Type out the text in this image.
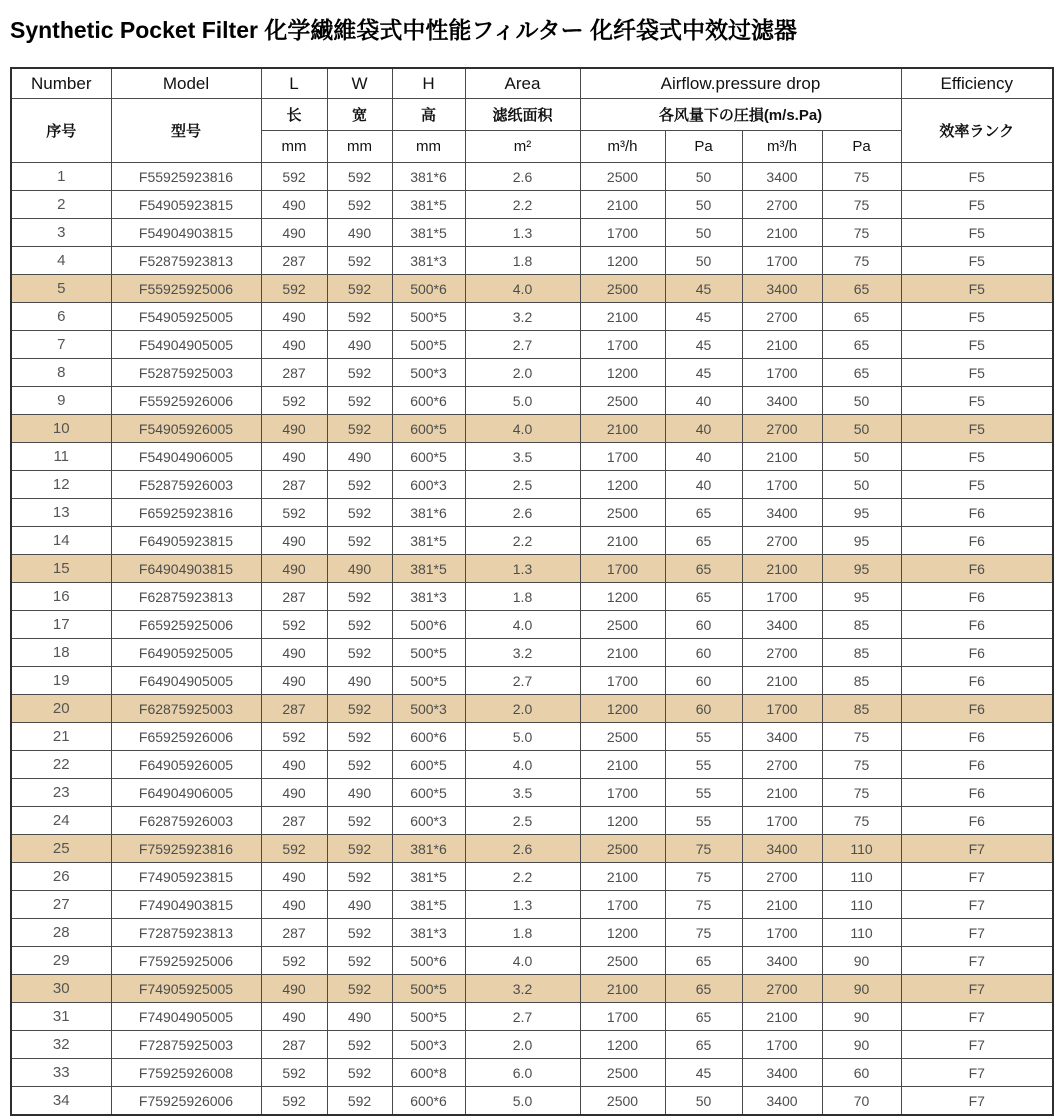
Synthetic Pocket Filter 化学繊維袋式中性能フィルター 化纤袋式中效过滤器
Number	Model	L	W	H	Area	Airflow.pressure drop				Efficiency
序号	型号	长	宽	高	滤纸面积	各风量下の圧損(m/s.Pa)				效率ランク
		mm	mm	mm	m²	m³/h	Pa	m³/h	Pa	
1	F55925923816	592	592	381*6	2.6	2500	50	3400	75	F5
2	F54905923815	490	592	381*5	2.2	2100	50	2700	75	F5
3	F54904903815	490	490	381*5	1.3	1700	50	2100	75	F5
4	F52875923813	287	592	381*3	1.8	1200	50	1700	75	F5
5	F55925925006	592	592	500*6	4.0	2500	45	3400	65	F5
6	F54905925005	490	592	500*5	3.2	2100	45	2700	65	F5
7	F54904905005	490	490	500*5	2.7	1700	45	2100	65	F5
8	F52875925003	287	592	500*3	2.0	1200	45	1700	65	F5
9	F55925926006	592	592	600*6	5.0	2500	40	3400	50	F5
10	F54905926005	490	592	600*5	4.0	2100	40	2700	50	F5
11	F54904906005	490	490	600*5	3.5	1700	40	2100	50	F5
12	F52875926003	287	592	600*3	2.5	1200	40	1700	50	F5
13	F65925923816	592	592	381*6	2.6	2500	65	3400	95	F6
14	F64905923815	490	592	381*5	2.2	2100	65	2700	95	F6
15	F64904903815	490	490	381*5	1.3	1700	65	2100	95	F6
16	F62875923813	287	592	381*3	1.8	1200	65	1700	95	F6
17	F65925925006	592	592	500*6	4.0	2500	60	3400	85	F6
18	F64905925005	490	592	500*5	3.2	2100	60	2700	85	F6
19	F64904905005	490	490	500*5	2.7	1700	60	2100	85	F6
20	F62875925003	287	592	500*3	2.0	1200	60	1700	85	F6
21	F65925926006	592	592	600*6	5.0	2500	55	3400	75	F6
22	F64905926005	490	592	600*5	4.0	2100	55	2700	75	F6
23	F64904906005	490	490	600*5	3.5	1700	55	2100	75	F6
24	F62875926003	287	592	600*3	2.5	1200	55	1700	75	F6
25	F75925923816	592	592	381*6	2.6	2500	75	3400	110	F7
26	F74905923815	490	592	381*5	2.2	2100	75	2700	110	F7
27	F74904903815	490	490	381*5	1.3	1700	75	2100	110	F7
28	F72875923813	287	592	381*3	1.8	1200	75	1700	110	F7
29	F75925925006	592	592	500*6	4.0	2500	65	3400	90	F7
30	F74905925005	490	592	500*5	3.2	2100	65	2700	90	F7
31	F74904905005	490	490	500*5	2.7	1700	65	2100	90	F7
32	F72875925003	287	592	500*3	2.0	1200	65	1700	90	F7
33	F75925926008	592	592	600*8	6.0	2500	45	3400	60	F7
34	F75925926006	592	592	600*6	5.0	2500	50	3400	70	F7
